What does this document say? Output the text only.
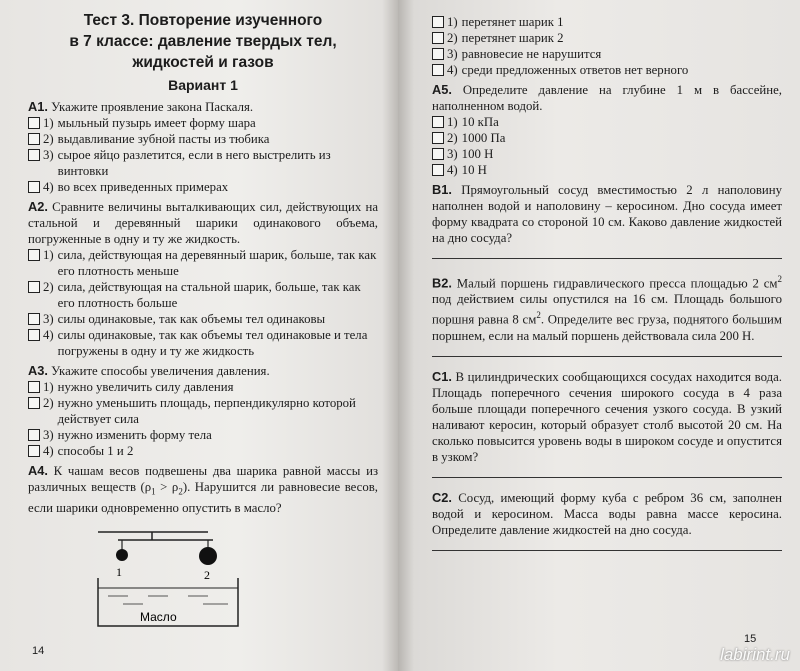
Тест 3. Повторение изученного
в 7 классе: давление твердых тел,
жидкостей и газов
Вариант 1

А1. Укажите проявление закона Паскаля.

1) мыльный пузырь имеет форму шара
2) выдавливание зубной пасты из тюбика
3) сырое яйцо разлетится, если в него выстрелить из винтовки
4) во всех приведенных примерах

А2. Сравните величины выталкивающих сил, действующих на стальной и деревянный шарики одинакового объема, погруженные в одну и ту же жидкость.

1) сила, действующая на деревянный шарик, больше, так как его плотность меньше
2) сила, действующая на стальной шарик, больше, так как его плотность больше
3) силы одинаковые, так как объемы тел одинаковы
4) силы одинаковые, так как объемы тел одинаковые и тела погружены в одну и ту же жидкость

А3. Укажите способы увеличения давления.

1) нужно увеличить силу давления
2) нужно уменьшить площадь, перпендикулярно которой действует сила
3) нужно изменить форму тела
4) способы 1 и 2

А4. К чашам весов подвешены два шарика равной массы из различных веществ $(\rho_1 > \rho_2)$. Нарушится ли равновесие весов, если шарики одновременно опустить в масло?

1	2
Масло
14
1) перетянет шарик 1
2) перетянет шарик 2
3) равновесие не нарушится
4) среди предложенных ответов нет верного

А5. Определите давление на глубине 1 м в бассейне, наполненном водой.

1) 10 кПа
2) 1000 Па
3) 100 Н
4) 10 Н

В1. Прямоугольный сосуд вместимостью 2 л наполовину наполнен водой и наполовину – керосином. Дно сосуда имеет форму квадрата со стороной 10 см. Каково давление жидкостей на дно сосуда?

В2. Малый поршень гидравлического пресса площадью 2 $см^2$ под действием силы опустился на 16 см. Площадь большого поршня равна 8 $см^2$. Определите вес груза, поднятого большим поршнем, если на малый поршень действовала сила 200 Н.

С1. В цилиндрических сообщающихся сосудах находится вода. Площадь поперечного сечения широкого сосуда в 4 раза больше площади поперечного сечения узкого сосуда. В узкий наливают керосин, который образует столб высотой 20 см. На сколько повысится уровень воды в широком сосуде и опустится в узком?

С2. Сосуд, имеющий форму куба с ребром 36 см, заполнен водой и керосином. Масса воды равна массе керосина. Определите давление жидкостей на дно сосуда.

15
labirint.ru
